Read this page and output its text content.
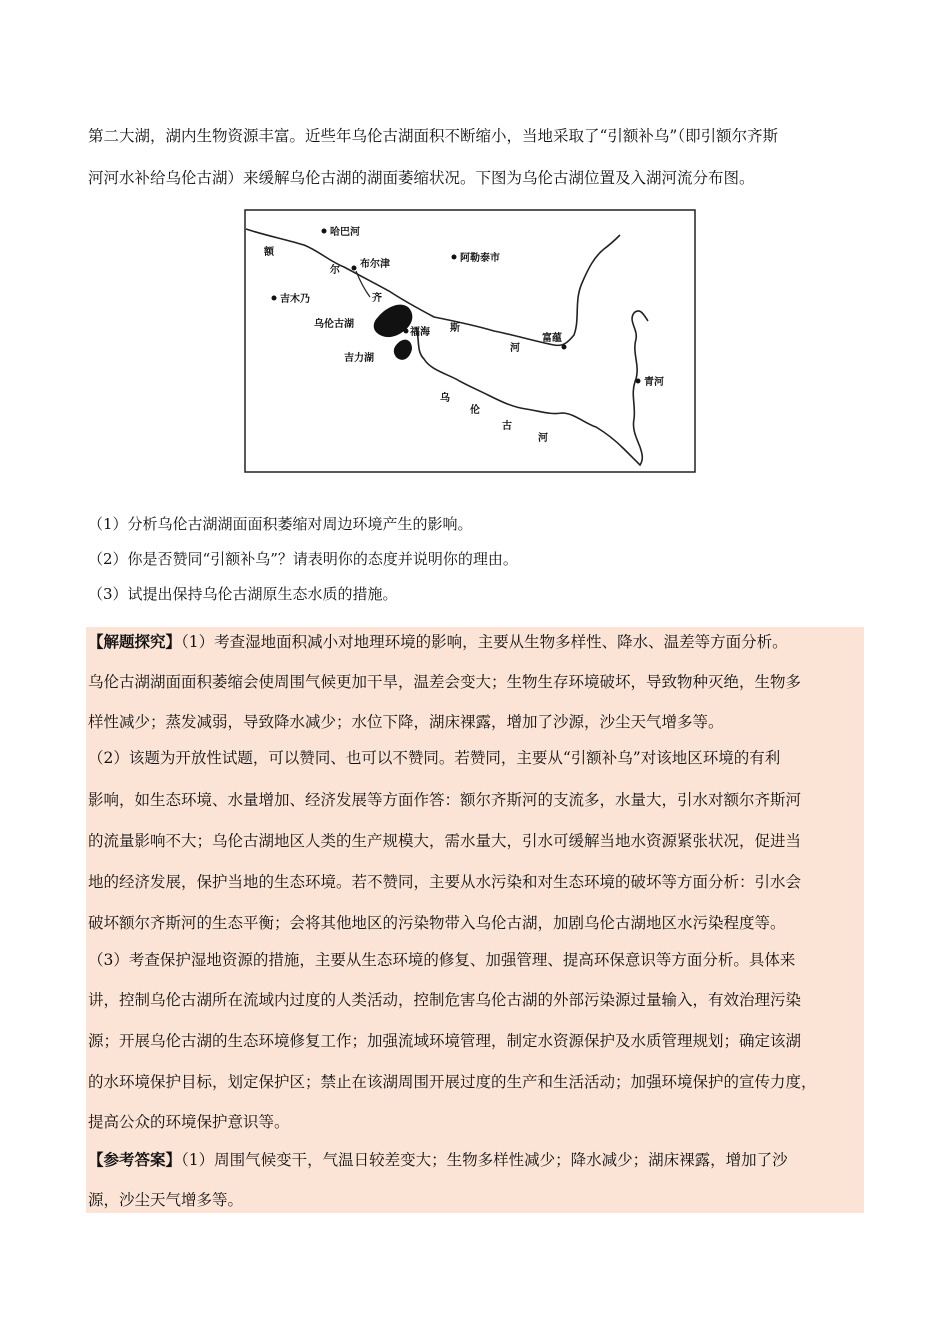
第二大湖，湖内生物资源丰富。近些年乌伦古湖面积不断缩小，当地采取了“引额补乌”（即引额尔齐斯

河河水补给乌伦古湖）来缓解乌伦古湖的湖面萎缩状况。下图为乌伦古湖位置及入湖河流分布图。

哈巴河
额
尔
布尔津
阿勒泰市
吉木乃	齐
乌伦古湖
福海 斯
河
富蕴
吉力湖
青河
乌
伦
古
河

（1）分析乌伦古湖湖面面积萎缩对周边环境产生的影响。

（2）你是否赞同“引额补乌”？请表明你的态度并说明你的理由。

（3）试提出保持乌伦古湖原生态水质的措施。

【解题探究】（1）考查湿地面积减小对地理环境的影响，主要从生物多样性、降水、温差等方面分析。

乌伦古湖湖面面积萎缩会使周围气候更加干旱，温差会变大；生物生存环境破坏，导致物种灭绝，生物多

样性减少；蒸发减弱，导致降水减少；水位下降，湖床裸露，增加了沙源，沙尘天气增多等。

（2）该题为开放性试题，可以赞同、也可以不赞同。若赞同，主要从“引额补乌”对该地区环境的有利

影响，如生态环境、水量增加、经济发展等方面作答：额尔齐斯河的支流多，水量大，引水对额尔齐斯河

的流量影响不大；乌伦古湖地区人类的生产规模大，需水量大，引水可缓解当地水资源紧张状况，促进当

地的经济发展，保护当地的生态环境。若不赞同，主要从水污染和对生态环境的破坏等方面分析：引水会

破坏额尔齐斯河的生态平衡；会将其他地区的污染物带入乌伦古湖，加剧乌伦古湖地区水污染程度等。

（3）考查保护湿地资源的措施，主要从生态环境的修复、加强管理、提高环保意识等方面分析。具体来

讲，控制乌伦古湖所在流域内过度的人类活动，控制危害乌伦古湖的外部污染源过量输入，有效治理污染

源；开展乌伦古湖的生态环境修复工作；加强流域环境管理，制定水资源保护及水质管理规划；确定该湖

的水环境保护目标，划定保护区；禁止在该湖周围开展过度的生产和生活活动；加强环境保护的宣传力度，

提高公众的环境保护意识等。

【参考答案】（1）周围气候变干，气温日较差变大；生物多样性减少；降水减少；湖床裸露，增加了沙

源，沙尘天气增多等。
